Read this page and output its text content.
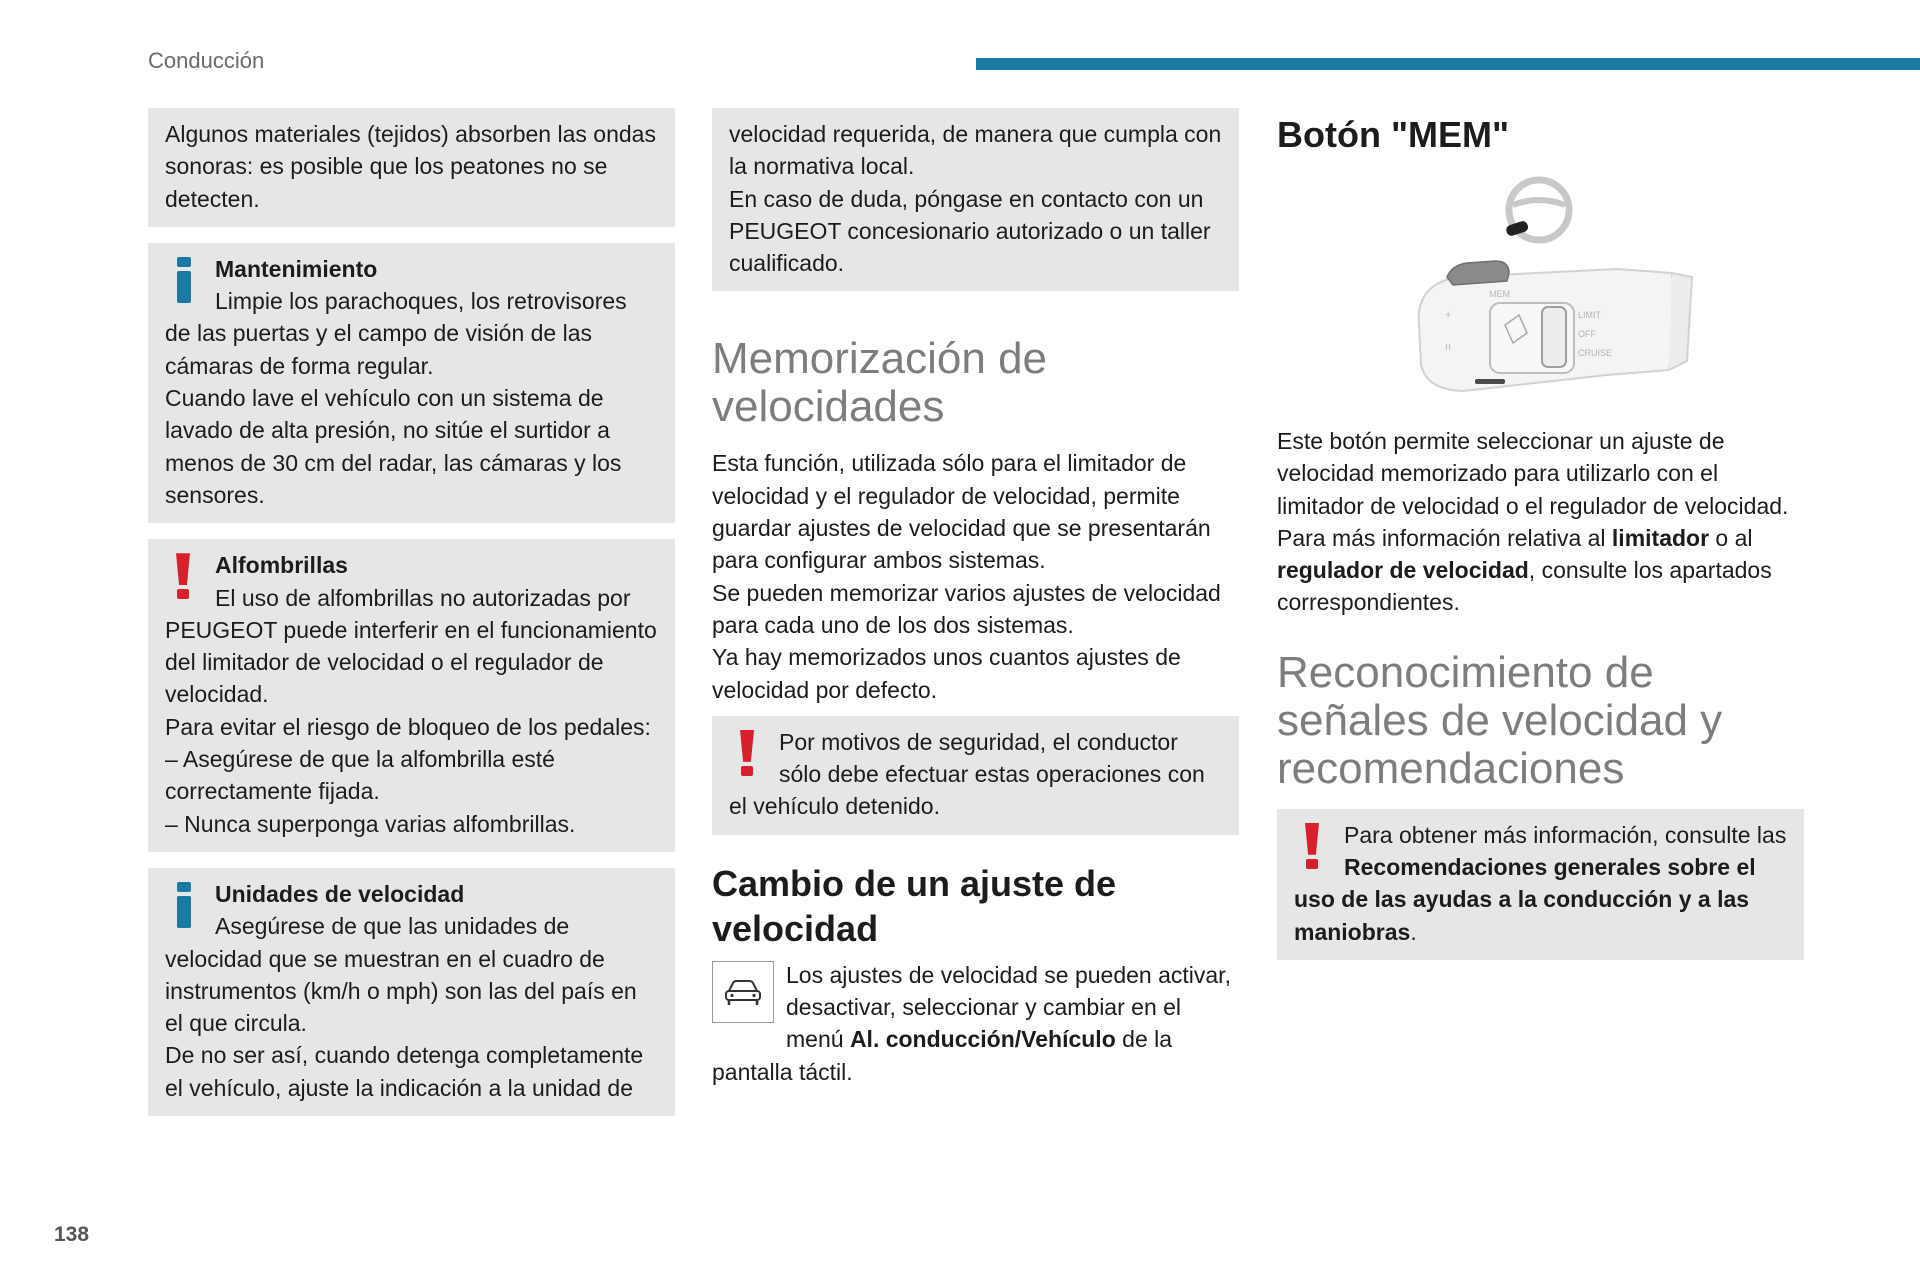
Conducción

Algunos materiales (tejidos) absorben las ondas sonoras: es posible que los peatones no se detecten.

Mantenimiento

Limpie los parachoques, los retrovisores de las puertas y el campo de visión de las cámaras de forma regular.

Cuando lave el vehículo con un sistema de lavado de alta presión, no sitúe el surtidor a menos de 30 cm del radar, las cámaras y los sensores.

Alfombrillas

El uso de alfombrillas no autorizadas por PEUGEOT puede interferir en el funcionamiento del limitador de velocidad o el regulador de velocidad.

Para evitar el riesgo de bloqueo de los pedales:

– Asegúrese de que la alfombrilla esté correctamente fijada.

– Nunca superponga varias alfombrillas.

Unidades de velocidad

Asegúrese de que las unidades de velocidad que se muestran en el cuadro de instrumentos (km/h o mph) son las del país en el que circula.

De no ser así, cuando detenga completamente el vehículo, ajuste la indicación a la unidad de

velocidad requerida, de manera que cumpla con la normativa local.

En caso de duda, póngase en contacto con un PEUGEOT concesionario autorizado o un taller cualificado.

Memorización de velocidades

Esta función, utilizada sólo para el limitador de velocidad y el regulador de velocidad, permite guardar ajustes de velocidad que se presentarán para configurar ambos sistemas.

Se pueden memorizar varios ajustes de velocidad para cada uno de los dos sistemas.

Ya hay memorizados unos cuantos ajustes de velocidad por defecto.

Por motivos de seguridad, el conductor sólo debe efectuar estas operaciones con el vehículo detenido.

Cambio de un ajuste de velocidad
Los ajustes de velocidad se pueden activar, desactivar, seleccionar y cambiar en el menú Al. conducción/Vehículo de la pantalla táctil.
Botón "MEM"
MEM
LIMIT
OFF
CRUISE
+
ıı

Este botón permite seleccionar un ajuste de velocidad memorizado para utilizarlo con el limitador de velocidad o el regulador de velocidad.

Para más información relativa al limitador o al regulador de velocidad, consulte los apartados correspondientes.

Reconocimiento de señales de velocidad y recomendaciones

Para obtener más información, consulte las Recomendaciones generales sobre el uso de las ayudas a la conducción y a las maniobras.

138
